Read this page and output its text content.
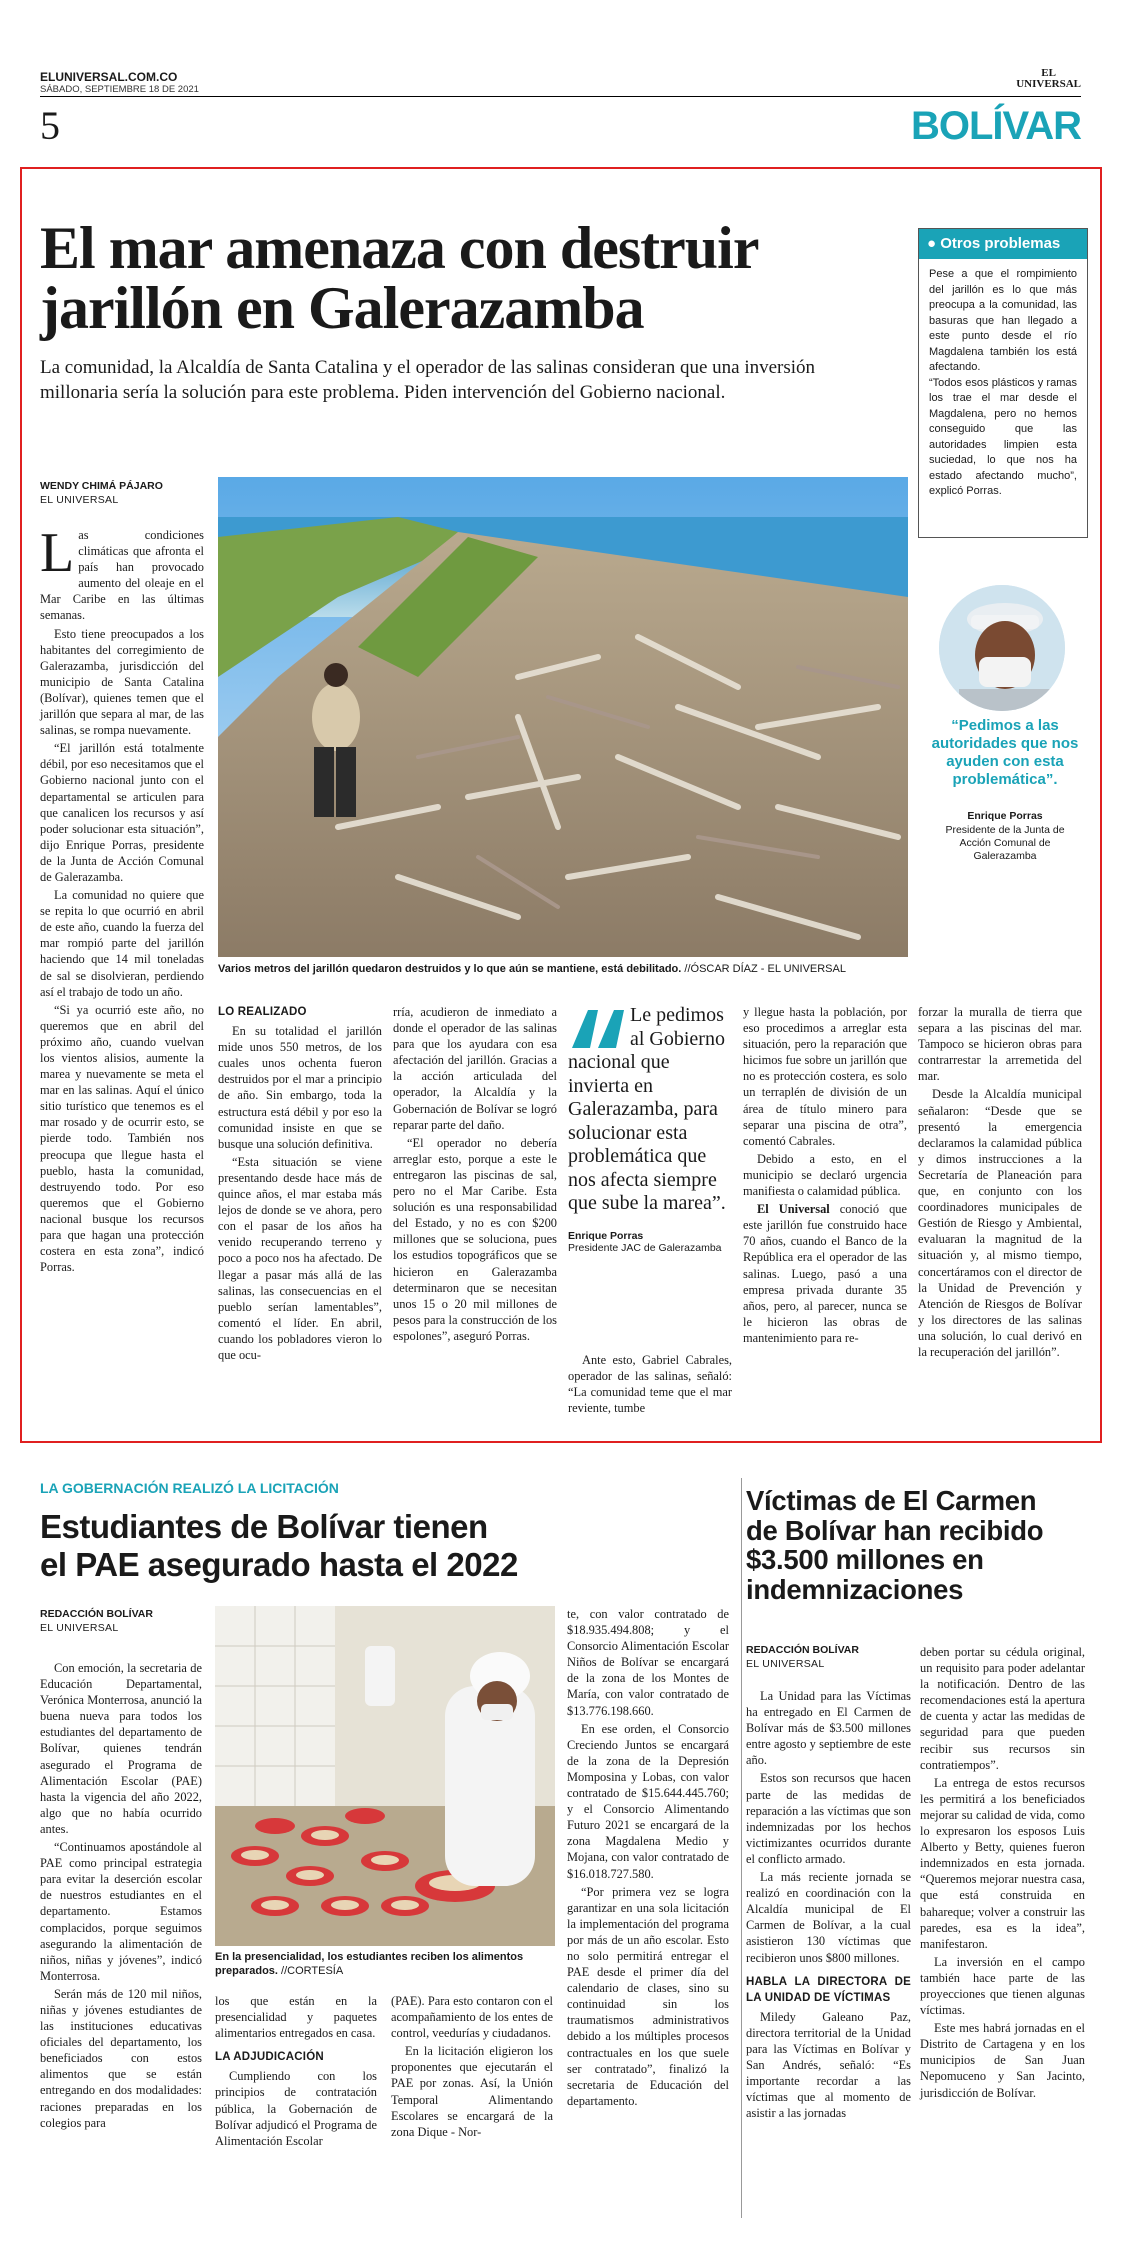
ELUNIVERSAL.COM.CO
SÁBADO, SEPTIEMBRE 18 DE 2021
EL
UNIVERSAL
5	BOLÍVAR
El mar amenaza con destruir
jarillón en Galerazamba
La comunidad, la Alcaldía de Santa Catalina y el operador de las salinas consideran que una inversión millonaria sería la solución para este problema. Piden intervención del Gobierno nacional.
● Otros problemas

Pese a que el rompimiento del jarillón es lo que más preocupa a la comunidad, las basuras que han llegado a este punto desde el río Magdalena también los está afectando.

“Todos esos plásticos y ramas los trae el mar desde el Magdalena, pero no hemos conseguido que las autoridades limpien esta suciedad, lo que nos ha estado afectando mucho”, explicó Porras.

“Pedimos a las autoridades que nos ayuden con esta problemática”.
Enrique Porras
Presidente de la Junta de Acción Comunal de Galerazamba
WENDY CHIMÁ PÁJARO
EL UNIVERSAL
Varios metros del jarillón quedaron destruidos y lo que aún se mantiene, está debilitado. //ÓSCAR DÍAZ - EL UNIVERSAL

Las condiciones climáticas que afronta el país han provocado aumento del oleaje en el Mar Caribe en las últimas semanas.

Esto tiene preocupados a los habitantes del corregimiento de Galerazamba, jurisdicción del municipio de Santa Catalina (Bolívar), quienes temen que el jarillón que separa al mar, de las salinas, se rompa nuevamente.

“El jarillón está totalmente débil, por eso necesitamos que el Gobierno nacional junto con el departamental se articulen para que canalicen los recursos y así poder solucionar esta situación”, dijo Enrique Porras, presidente de la Junta de Acción Comunal de Galerazamba.

La comunidad no quiere que se repita lo que ocurrió en abril de este año, cuando la fuerza del mar rompió parte del jarillón haciendo que 14 mil toneladas de sal se disolvieran, perdiendo así el trabajo de todo un año.

“Si ya ocurrió este año, no queremos que en abril del próximo año, cuando vuelvan los vientos alisios, aumente la marea y nuevamente se meta el mar en las salinas. Aquí el único sitio turístico que tenemos es el mar rosado y de ocurrir esto, se pierde todo. También nos preocupa que llegue hasta el pueblo, hasta la comunidad, destruyendo todo. Por eso queremos que el Gobierno nacional busque los recursos para que hagan una protección costera en esta zona”, indicó Porras.

LO REALIZADO

En su totalidad el jarillón mide unos 550 metros, de los cuales unos ochenta fueron destruidos por el mar a principio de año. Sin embargo, toda la estructura está débil y por eso la comunidad insiste en que se busque una solución definitiva.

“Esta situación se viene presentando desde hace más de quince años, el mar estaba más lejos de donde se ve ahora, pero con el pasar de los años ha venido recuperando terreno y poco a poco nos ha afectado. De llegar a pasar más allá de las salinas, las consecuencias en el pueblo serían lamentables”, comentó el líder. En abril, cuando los pobladores vieron lo que ocu-

rría, acudieron de inmediato a donde el operador de las salinas para que los ayudara con esa afectación del jarillón. Gracias a la acción articulada del operador, la Alcaldía y la Gobernación de Bolívar se logró reparar parte del daño.

“El operador no debería arreglar esto, porque a este le entregaron las piscinas de sal, pero no el Mar Caribe. Esta solución es una responsabilidad del Estado, y no es con $200 millones que se soluciona, pues los estudios topográficos que se hicieron en Galerazamba determinaron que se necesitan unos 15 o 20 mil millones de pesos para la construcción de los espolones”, aseguró Porras.

Le pedimos al Gobierno nacional que invierta en Galerazamba, para solucionar esta problemática que nos afecta siempre que sube la marea”.
Enrique Porras
Presidente JAC de Galerazamba

Ante esto, Gabriel Cabrales, operador de las salinas, señaló: “La comunidad teme que el mar reviente, tumbe

y llegue hasta la población, por eso procedimos a arreglar esta situación, pero la reparación que hicimos fue sobre un jarillón que no es protección costera, es solo un terraplén de división de un área de título minero para separar una piscina de otra”, comentó Cabrales.

Debido a esto, en el municipio se declaró urgencia manifiesta o calamidad pública.

El Universal conoció que este jarillón fue construido hace 70 años, cuando el Banco de la República era el operador de las salinas. Luego, pasó a una empresa privada durante 35 años, pero, al parecer, nunca se le hicieron las obras de mantenimiento para re-

forzar la muralla de tierra que separa a las piscinas del mar. Tampoco se hicieron obras para contrarrestar la arremetida del mar.

Desde la Alcaldía municipal señalaron: “Desde que se presentó la emergencia declaramos la calamidad pública y dimos instrucciones a la Secretaría de Planeación para que, en conjunto con los coordinadores municipales de Gestión de Riesgo y Ambiental, evaluaran la magnitud de la situación y, al mismo tiempo, concertáramos con el director de la Unidad de Prevención y Atención de Riesgos de Bolívar y los directores de las salinas una solución, lo cual derivó en la recuperación del jarillón”.

LA GOBERNACIÓN REALIZÓ LA LICITACIÓN
Estudiantes de Bolívar tienen
el PAE asegurado hasta el 2022
REDACCIÓN BOLÍVAR
EL UNIVERSAL
En la presencialidad, los estudiantes reciben los alimentos preparados. //CORTESÍA

Con emoción, la secretaria de Educación Departamental, Verónica Monterrosa, anunció la buena nueva para todos los estudiantes del departamento de Bolívar, quienes tendrán asegurado el Programa de Alimentación Escolar (PAE) hasta la vigencia del año 2022, algo que no había ocurrido antes.

“Continuamos apostándole al PAE como principal estrategia para evitar la deserción escolar de nuestros estudiantes en el departamento. Estamos complacidos, porque seguimos asegurando la alimentación de niños, niñas y jóvenes”, indicó Monterrosa.

Serán más de 120 mil niños, niñas y jóvenes estudiantes de las instituciones educativas oficiales del departamento, los beneficiados con estos alimentos que se están entregando en dos modalidades: raciones preparadas en los colegios para

los que están en la presencialidad y paquetes alimentarios entregados en casa.

LA ADJUDICACIÓN

Cumpliendo con los principios de contratación pública, la Gobernación de Bolívar adjudicó el Programa de Alimentación Escolar

(PAE). Para esto contaron con el acompañamiento de los entes de control, veedurías y ciudadanos.

En la licitación eligieron los proponentes que ejecutarán el PAE por zonas. Así, la Unión Temporal Alimentando Escolares se encargará de la zona Dique - Nor-

te, con valor contratado de $18.935.494.808; y el Consorcio Alimentación Escolar Niños de Bolívar se encargará de la zona de los Montes de María, con valor contratado de $13.776.198.660.

En ese orden, el Consorcio Creciendo Juntos se encargará de la zona de la Depresión Momposina y Lobas, con valor contratado de $15.644.445.760; y el Consorcio Alimentando Futuro 2021 se encargará de la zona Magdalena Medio y Mojana, con valor contratado de $16.018.727.580.

“Por primera vez se logra garantizar en una sola licitación la implementación del programa por más de un año escolar. Esto no solo permitirá entregar el PAE desde el primer día del calendario de clases, sino su continuidad sin los traumatismos administrativos debido a los múltiples procesos contractuales en los que suele ser contratado”, finalizó la secretaria de Educación del departamento.

Víctimas de El Carmen
de Bolívar han recibido
$3.500 millones en
indemnizaciones
REDACCIÓN BOLÍVAR
EL UNIVERSAL

La Unidad para las Víctimas ha entregado en El Carmen de Bolívar más de $3.500 millones entre agosto y septiembre de este año.

Estos son recursos que hacen parte de las medidas de reparación a las víctimas que son indemnizadas por los hechos victimizantes ocurridos durante el conflicto armado.

La más reciente jornada se realizó en coordinación con la Alcaldía municipal de El Carmen de Bolívar, a la cual asistieron 130 víctimas que recibieron unos $800 millones.

HABLA LA DIRECTORA DE LA UNIDAD DE VÍCTIMAS

Miledy Galeano Paz, directora territorial de la Unidad para las Víctimas en Bolívar y San Andrés, señaló: “Es importante recordar a las víctimas que al momento de asistir a las jornadas

deben portar su cédula original, un requisito para poder adelantar la notificación. Dentro de las recomendaciones está la apertura de cuenta y actar las medidas de seguridad para que pueden recibir sus recursos sin contratiempos”.

La entrega de estos recursos les permitirá a los beneficiados mejorar su calidad de vida, como lo expresaron los esposos Luis Alberto y Betty, quienes fueron indemnizados en esta jornada. “Queremos mejorar nuestra casa, que está construida en bahareque; volver a construir las paredes, esa es la idea”, manifestaron.

La inversión en el campo también hace parte de las proyecciones que tienen algunas víctimas.

Este mes habrá jornadas en el Distrito de Cartagena y en los municipios de San Juan Nepomuceno y San Jacinto, jurisdicción de Bolívar.
